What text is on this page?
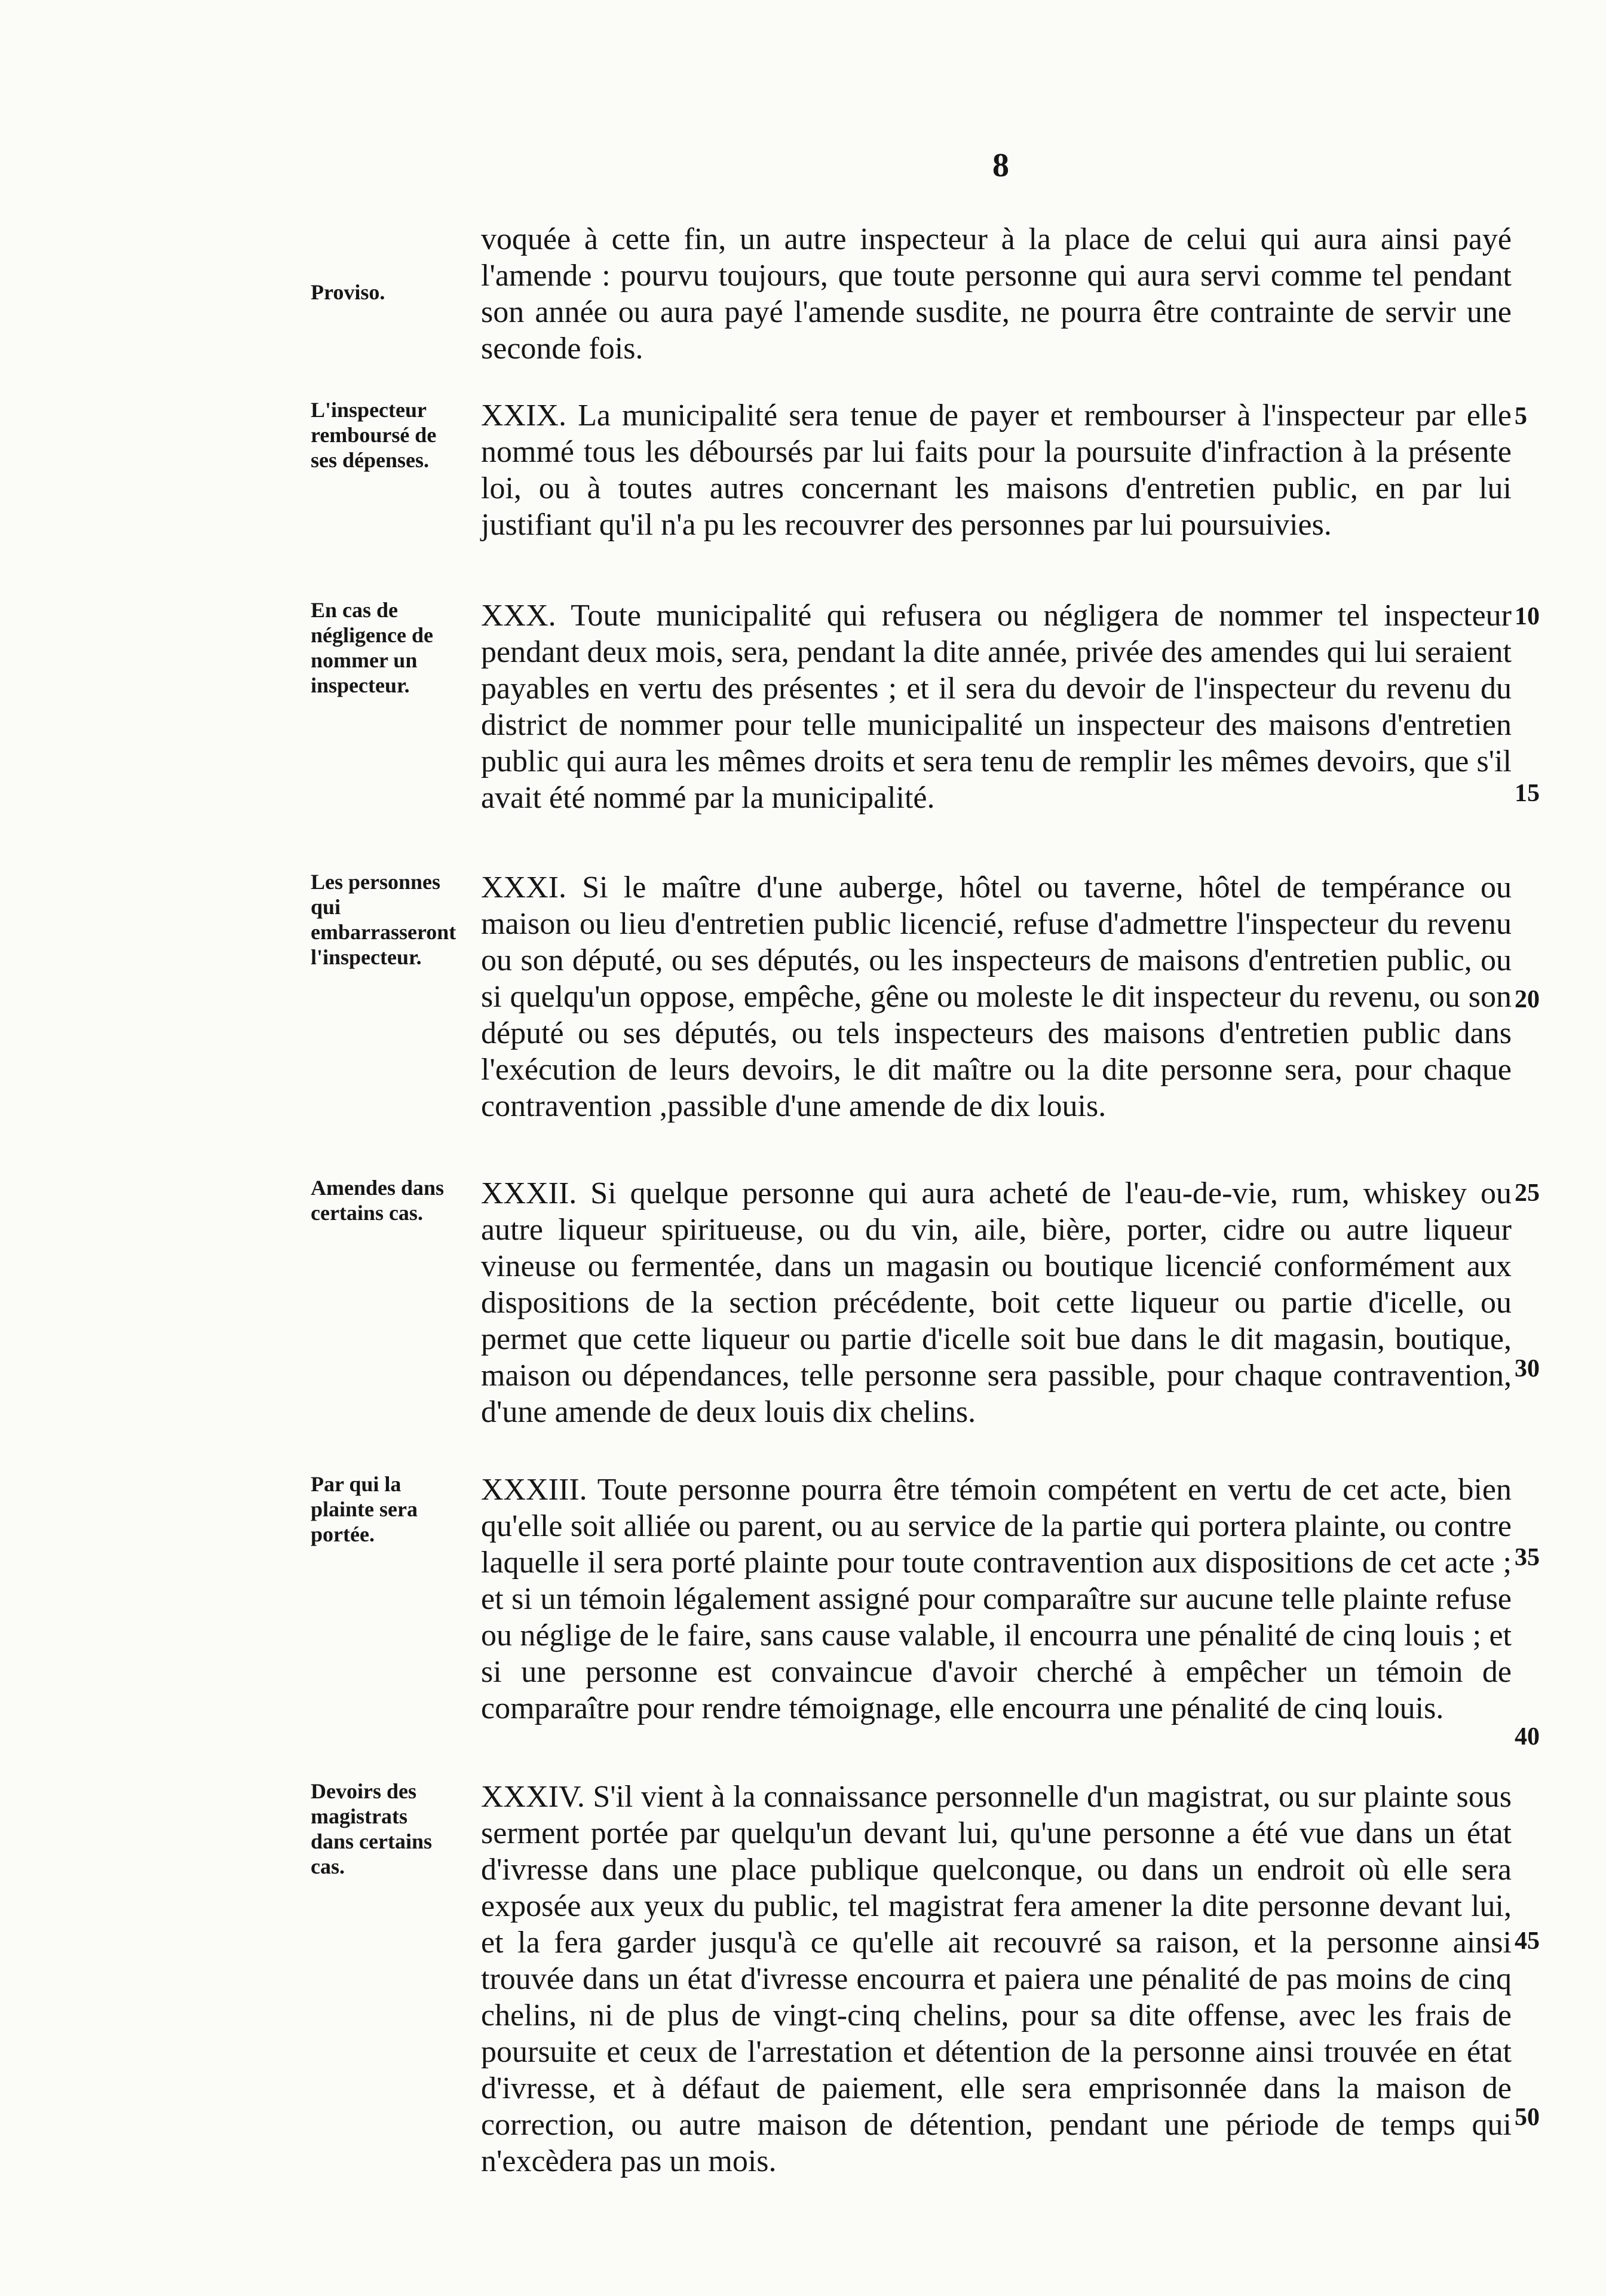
8
Proviso.
voquée à cette fin, un autre inspecteur à la place de celui qui aura ainsi payé l'amende : pourvu toujours, que toute personne qui aura servi comme tel pendant son année ou aura payé l'amende susdite, ne pourra être contrainte de servir une seconde fois.
L'inspecteur remboursé de ses dépenses.
XXIX. La municipalité sera tenue de payer et rembourser à l'inspecteur par elle nommé tous les déboursés par lui faits pour la poursuite d'infraction à la présente loi, ou à toutes autres concernant les maisons d'entretien public, en par lui justifiant qu'il n'a pu les recouvrer des personnes par lui poursuivies.
5
En cas de négligence de nommer un inspecteur.
XXX. Toute municipalité qui refusera ou négligera de nommer tel inspecteur pendant deux mois, sera, pendant la dite année, privée des amendes qui lui seraient payables en vertu des présentes ; et il sera du devoir de l'inspecteur du revenu du district de nommer pour telle municipalité un inspecteur des maisons d'entretien public qui aura les mêmes droits et sera tenu de remplir les mêmes devoirs, que s'il avait été nommé par la municipalité.
10
15
Les personnes qui embarrasseront l'inspecteur.
XXXI. Si le maître d'une auberge, hôtel ou taverne, hôtel de tempérance ou maison ou lieu d'entretien public licencié, refuse d'admettre l'inspecteur du revenu ou son député, ou ses députés, ou les inspecteurs de maisons d'entretien public, ou si quelqu'un oppose, empêche, gêne ou moleste le dit inspecteur du revenu, ou son député ou ses députés, ou tels inspecteurs des maisons d'entretien public dans l'exécution de leurs devoirs, le dit maître ou la dite personne sera, pour chaque contravention ,passible d'une amende de dix louis.
20
Amendes dans certains cas.
XXXII. Si quelque personne qui aura acheté de l'eau-de-vie, rum, whiskey ou autre liqueur spiritueuse, ou du vin, aile, bière, porter, cidre ou autre liqueur vineuse ou fermentée, dans un magasin ou boutique licencié conformément aux dispositions de la section précédente, boit cette liqueur ou partie d'icelle, ou permet que cette liqueur ou partie d'icelle soit bue dans le dit magasin, boutique, maison ou dépendances, telle personne sera passible, pour chaque contravention, d'une amende de deux louis dix chelins.
25
30
Par qui la plainte sera portée.
XXXIII. Toute personne pourra être témoin compétent en vertu de cet acte, bien qu'elle soit alliée ou parent, ou au service de la partie qui portera plainte, ou contre laquelle il sera porté plainte pour toute contravention aux dispositions de cet acte ; et si un témoin légalement assigné pour comparaître sur aucune telle plainte refuse ou néglige de le faire, sans cause valable, il encourra une pénalité de cinq louis ; et si une personne est convaincue d'avoir cherché à empêcher un témoin de comparaître pour rendre témoignage, elle encourra une pénalité de cinq louis.
35
40
Devoirs des magistrats dans certains cas.
XXXIV. S'il vient à la connaissance personnelle d'un magistrat, ou sur plainte sous serment portée par quelqu'un devant lui, qu'une personne a été vue dans un état d'ivresse dans une place publique quelconque, ou dans un endroit où elle sera exposée aux yeux du public, tel magistrat fera amener la dite personne devant lui, et la fera garder jusqu'à ce qu'elle ait recouvré sa raison, et la personne ainsi trouvée dans un état d'ivresse encourra et paiera une pénalité de pas moins de cinq chelins, ni de plus de vingt-cinq chelins, pour sa dite offense, avec les frais de poursuite et ceux de l'arrestation et détention de la personne ainsi trouvée en état d'ivresse, et à défaut de paiement, elle sera emprisonnée dans la maison de correction, ou autre maison de détention, pendant une période de temps qui n'excèdera pas un mois.
45
50
